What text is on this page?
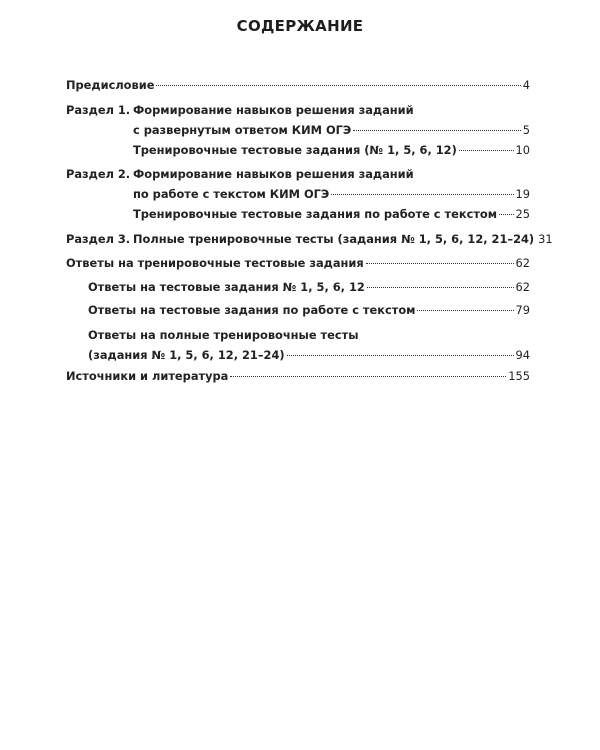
СОДЕРЖАНИЕ
Предисловие	4
Раздел 1. Формирование навыков решения заданий
с развернутым ответом КИМ ОГЭ	5
Тренировочные тестовые задания (№ 1, 5, 6, 12)	10
Раздел 2. Формирование навыков решения заданий
по работе с текстом КИМ ОГЭ	19
Тренировочные тестовые задания по работе с текстом 25
Раздел 3. Полные тренировочные тесты (задания № 1, 5, 6, 12, 21–24) 31
Ответы на тренировочные тестовые задания	62
Ответы на тестовые задания № 1, 5, 6, 12	62
Ответы на тестовые задания по работе с текстом	79
Ответы на полные тренировочные тесты
(задания № 1, 5, 6, 12, 21–24)	94
Источники и литература	155
